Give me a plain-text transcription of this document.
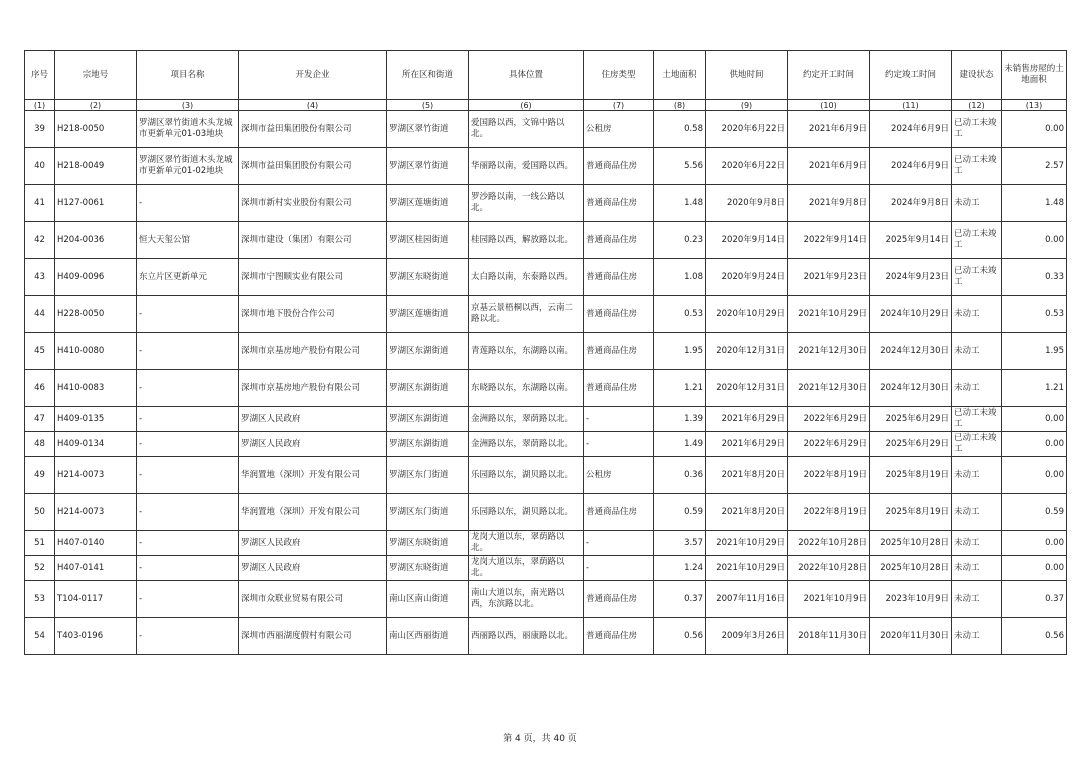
序号	宗地号	项目名称	开发企业	所在区和街道	具体位置	住房类型	土地面积	供地时间	约定开工时间	约定竣工时间	建设状态	未销售房屋的土地面积
(1)	(2)	(3)	(4)	(5)	(6)	(7)	(8)	(9)	(10)	(11)	(12)	(13)
39	H218-0050	罗湖区翠竹街道木头龙城市更新单元01-03地块	深圳市益田集团股份有限公司	罗湖区翠竹街道	爱国路以西，文锦中路以北。	公租房	0.58	2020年6月22日	2021年6月9日	2024年6月9日	已动工未竣工	0.00
40	H218-0049	罗湖区翠竹街道木头龙城市更新单元01-02地块	深圳市益田集团股份有限公司	罗湖区翠竹街道	华丽路以南，爱国路以西。	普通商品住房	5.56	2020年6月22日	2021年6月9日	2024年6月9日	已动工未竣工	2.57
41	H127-0061	-	深圳市新村实业股份有限公司	罗湖区莲塘街道	罗沙路以南，一线公路以北。	普通商品住房	1.48	2020年9月8日	2021年9月8日	2024年9月8日	未动工	1.48
42	H204-0036	恒大天玺公馆	深圳市建设（集团）有限公司	罗湖区桂园街道	桂园路以西，解放路以北。	普通商品住房	0.23	2020年9月14日	2022年9月14日	2025年9月14日	已动工未竣工	0.00
43	H409-0096	东立片区更新单元	深圳市宁图顺实业有限公司	罗湖区东晓街道	太白路以南，东泰路以西。	普通商品住房	1.08	2020年9月24日	2021年9月23日	2024年9月23日	已动工未竣工	0.33
44	H228-0050	-	深圳市地下股份合作公司	罗湖区莲塘街道	京基云景梧桐以西，云南二路以北。	普通商品住房	0.53	2020年10月29日	2021年10月29日	2024年10月29日	未动工	0.53
45	H410-0080	-	深圳市京基房地产股份有限公司	罗湖区东湖街道	青莲路以东，东湖路以南。	普通商品住房	1.95	2020年12月31日	2021年12月30日	2024年12月30日	未动工	1.95
46	H410-0083	-	深圳市京基房地产股份有限公司	罗湖区东湖街道	东晓路以东，东湖路以南。	普通商品住房	1.21	2020年12月31日	2021年12月30日	2024年12月30日	未动工	1.21
47	H409-0135	-	罗湖区人民政府	罗湖区东湖街道	金洲路以东，翠荫路以北。	-	1.39	2021年6月29日	2022年6月29日	2025年6月29日	已动工未竣工	0.00
48	H409-0134	-	罗湖区人民政府	罗湖区东湖街道	金洲路以东，翠荫路以北。	-	1.49	2021年6月29日	2022年6月29日	2025年6月29日	已动工未竣工	0.00
49	H214-0073	-	华润置地（深圳）开发有限公司	罗湖区东门街道	乐园路以东，湖贝路以北。	公租房	0.36	2021年8月20日	2022年8月19日	2025年8月19日	未动工	0.00
50	H214-0073	-	华润置地（深圳）开发有限公司	罗湖区东门街道	乐园路以东，湖贝路以北。	普通商品住房	0.59	2021年8月20日	2022年8月19日	2025年8月19日	未动工	0.59
51	H407-0140	-	罗湖区人民政府	罗湖区东晓街道	龙岗大道以东，翠荫路以北。	-	3.57	2021年10月29日	2022年10月28日	2025年10月28日	未动工	0.00
52	H407-0141	-	罗湖区人民政府	罗湖区东晓街道	龙岗大道以东，翠荫路以北。	-	1.24	2021年10月29日	2022年10月28日	2025年10月28日	未动工	0.00
53	T104-0117	-	深圳市众联业贸易有限公司	南山区南山街道	南山大道以东，南光路以西，东滨路以北。	普通商品住房	0.37	2007年11月16日	2021年10月9日	2023年10月9日	未动工	0.37
54	T403-0196	-	深圳市西丽湖度假村有限公司	南山区西丽街道	西丽路以西，丽康路以北。	普通商品住房	0.56	2009年3月26日	2018年11月30日	2020年11月30日	未动工	0.56
第 4 页，共 40 页
